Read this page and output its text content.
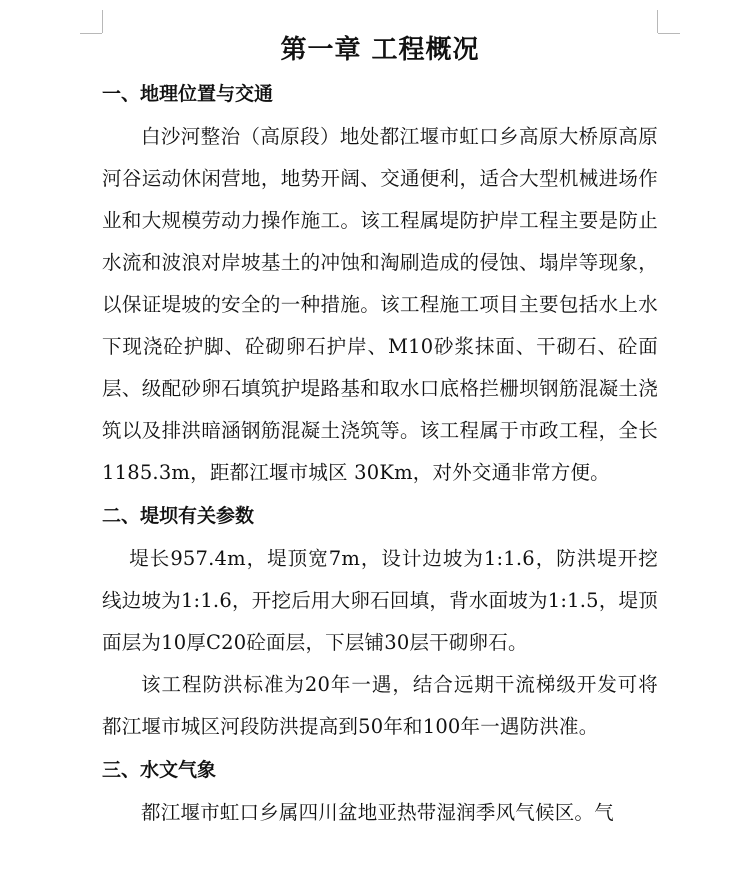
第一章 工程概况
一、地理位置与交通

白沙河整治（高原段）地处都江堰市虹口乡高原大桥原高原河谷运动休闲营地，地势开阔、交通便利，适合大型机械进场作业和大规模劳动力操作施工。该工程属堤防护岸工程主要是防止水流和波浪对岸坡基土的冲蚀和淘刷造成的侵蚀、塌岸等现象，以保证堤坡的安全的一种措施。该工程施工项目主要包括水上水下现浇砼护脚、砼砌卵石护岸、M10砂浆抹面、干砌石、砼面层、级配砂卵石填筑护堤路基和取水口底格拦栅坝钢筋混凝土浇筑以及排洪暗涵钢筋混凝土浇筑等。该工程属于市政工程，全长 1185.3m，距都江堰市城区 30Km，对外交通非常方便。

二、堤坝有关参数

堤长957.4m，堤顶宽7m，设计边坡为1:1.6，防洪堤开挖线边坡为1:1.6，开挖后用大卵石回填，背水面坡为1:1.5，堤顶面层为10厚C20砼面层，下层铺30层干砌卵石。

该工程防洪标准为20年一遇，结合远期干流梯级开发可将都江堰市城区河段防洪提高到50年和100年一遇防洪准。

三、水文气象

都江堰市虹口乡属四川盆地亚热带湿润季风气候区。气
